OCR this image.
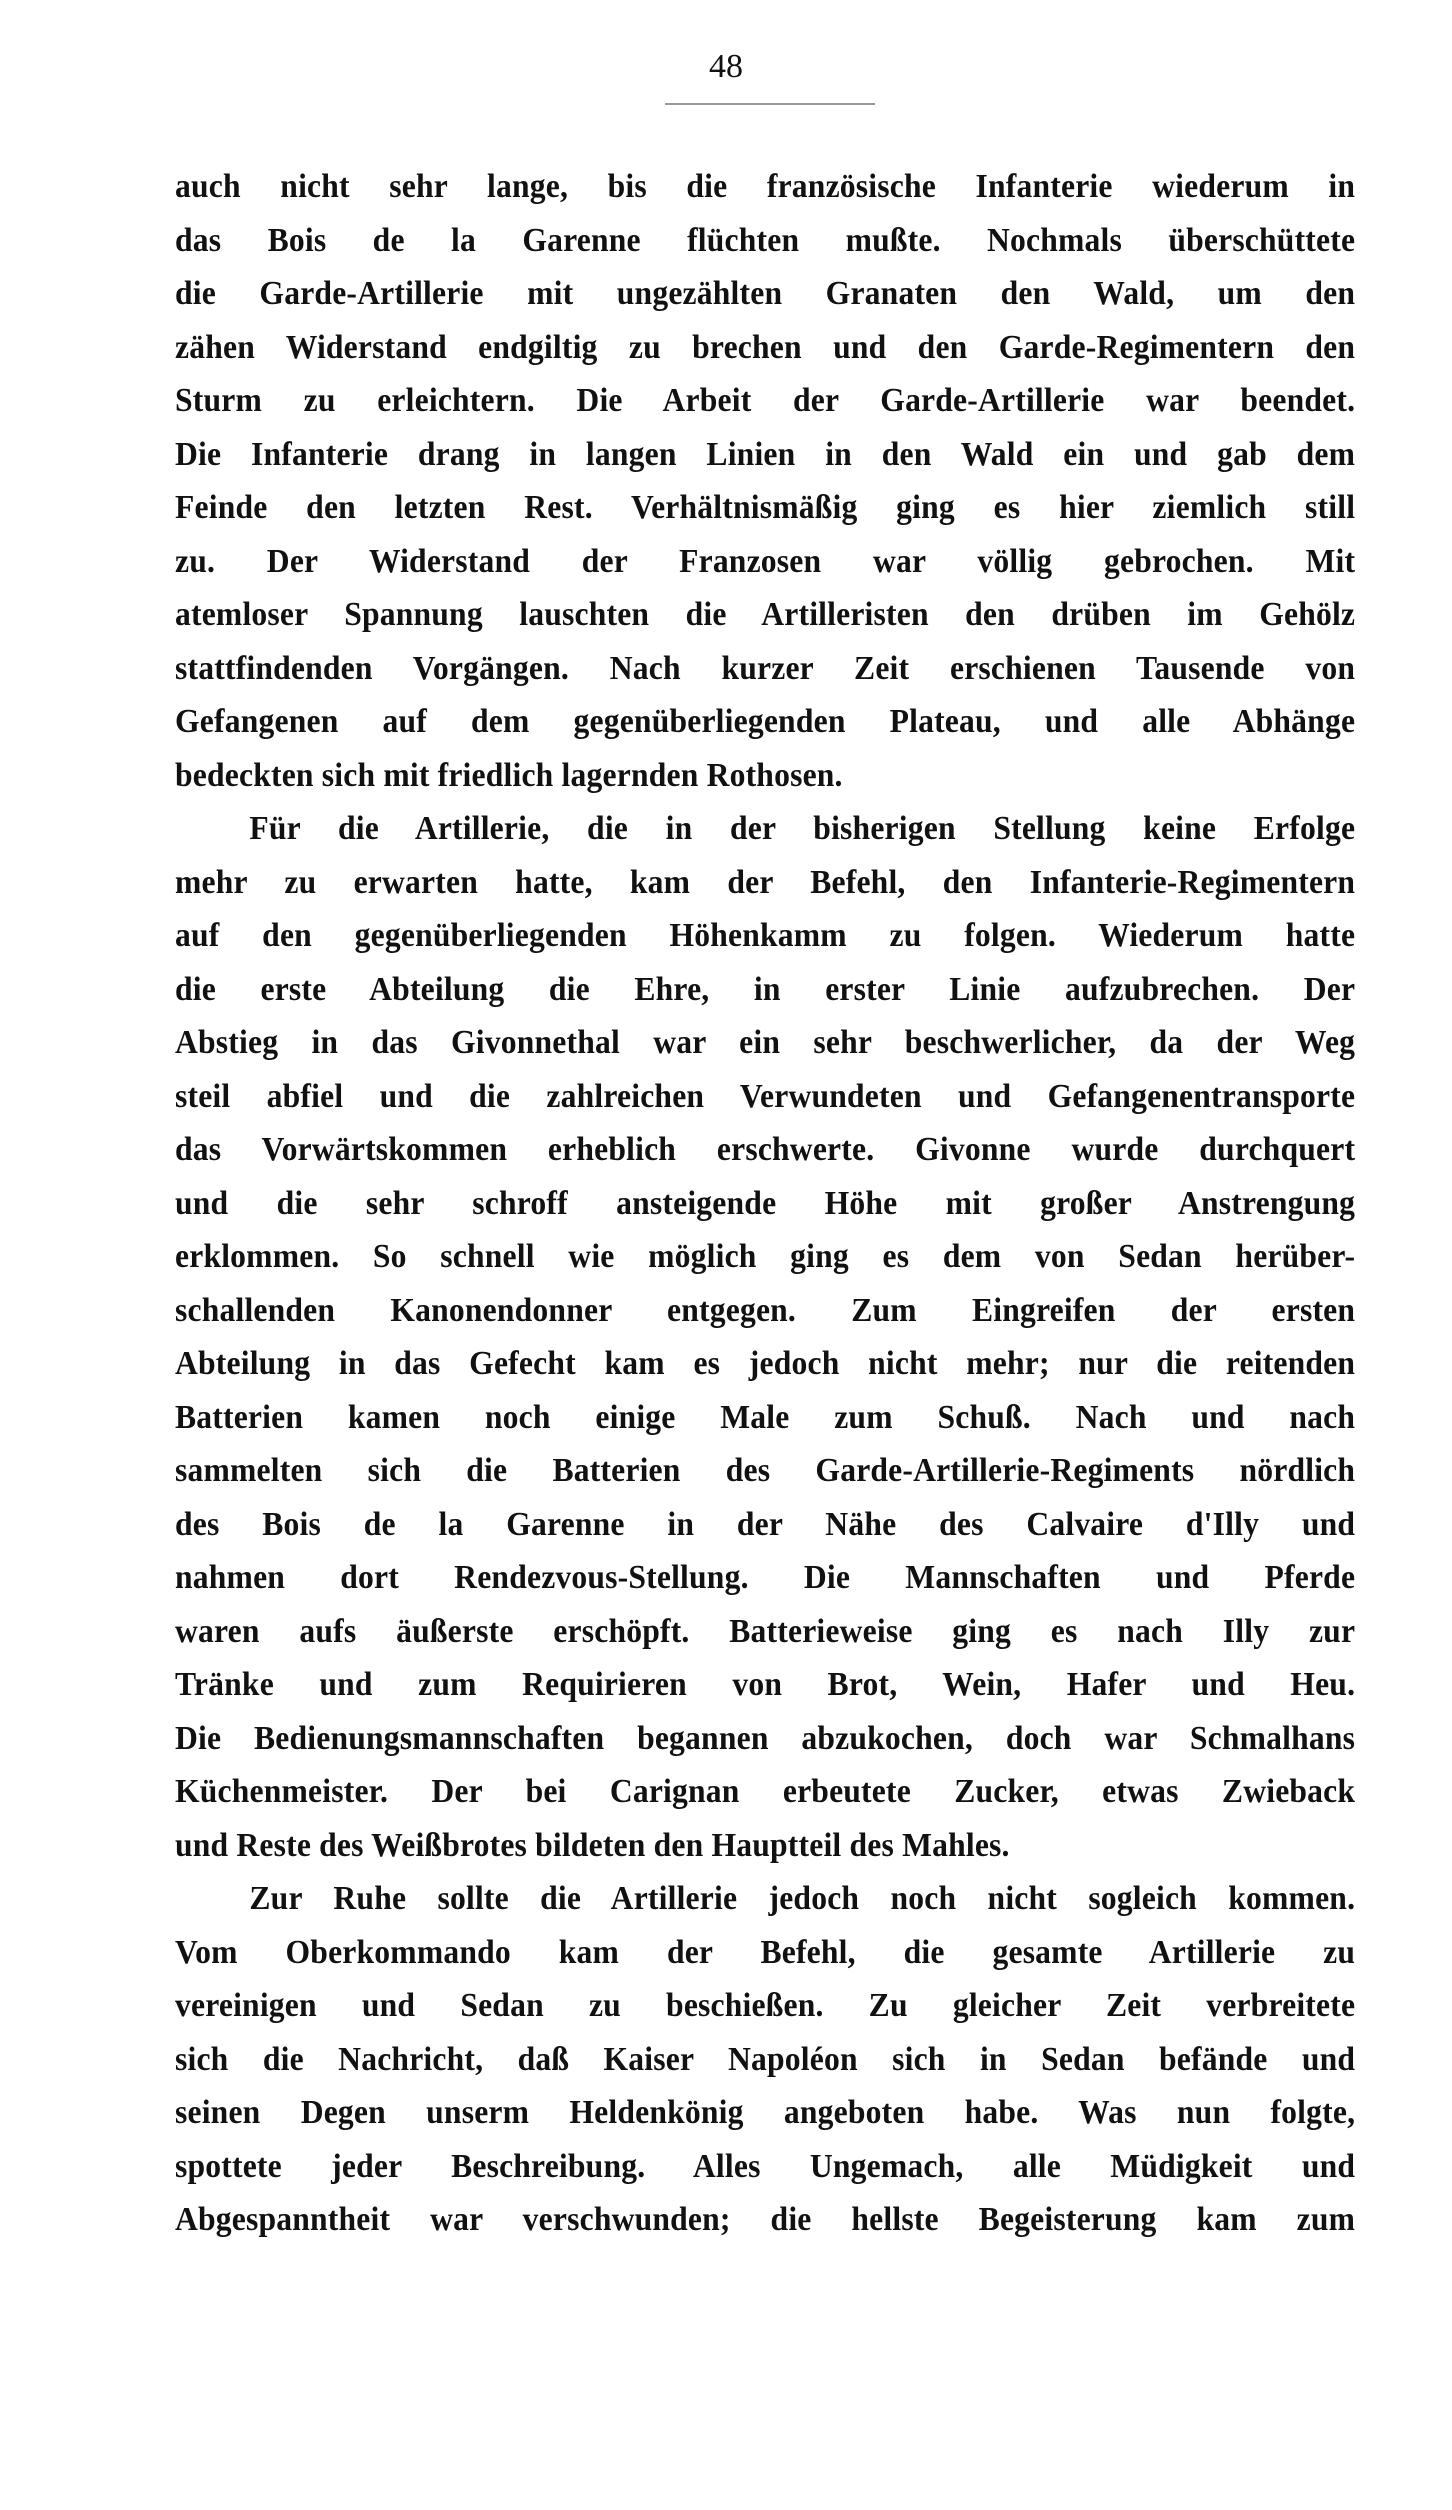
48
auch nicht sehr lange, bis die französische Infanterie wiederum in
das Bois de la Garenne flüchten mußte. Nochmals überschüttete
die Garde-Artillerie mit ungezählten Granaten den Wald, um den
zähen Widerstand endgiltig zu brechen und den Garde-Regimentern den
Sturm zu erleichtern. Die Arbeit der Garde-Artillerie war beendet.
Die Infanterie drang in langen Linien in den Wald ein und gab dem
Feinde den letzten Rest. Verhältnismäßig ging es hier ziemlich still
zu. Der Widerstand der Franzosen war völlig gebrochen. Mit
atemloser Spannung lauschten die Artilleristen den drüben im Gehölz
stattfindenden Vorgängen. Nach kurzer Zeit erschienen Tausende von
Gefangenen auf dem gegenüberliegenden Plateau, und alle Abhänge
bedeckten sich mit friedlich lagernden Rothosen.
Für die Artillerie, die in der bisherigen Stellung keine Erfolge
mehr zu erwarten hatte, kam der Befehl, den Infanterie-Regimentern
auf den gegenüberliegenden Höhenkamm zu folgen. Wiederum hatte
die erste Abteilung die Ehre, in erster Linie aufzubrechen. Der
Abstieg in das Givonnethal war ein sehr beschwerlicher, da der Weg
steil abfiel und die zahlreichen Verwundeten und Gefangenentransporte
das Vorwärtskommen erheblich erschwerte. Givonne wurde durchquert
und die sehr schroff ansteigende Höhe mit großer Anstrengung
erklommen. So schnell wie möglich ging es dem von Sedan herüber-
schallenden Kanonendonner entgegen. Zum Eingreifen der ersten
Abteilung in das Gefecht kam es jedoch nicht mehr; nur die reitenden
Batterien kamen noch einige Male zum Schuß. Nach und nach
sammelten sich die Batterien des Garde-Artillerie-Regiments nördlich
des Bois de la Garenne in der Nähe des Calvaire d'Illy und
nahmen dort Rendezvous-Stellung. Die Mannschaften und Pferde
waren aufs äußerste erschöpft. Batterieweise ging es nach Illy zur
Tränke und zum Requirieren von Brot, Wein, Hafer und Heu.
Die Bedienungsmannschaften begannen abzukochen, doch war Schmalhans
Küchenmeister. Der bei Carignan erbeutete Zucker, etwas Zwieback
und Reste des Weißbrotes bildeten den Hauptteil des Mahles.
Zur Ruhe sollte die Artillerie jedoch noch nicht sogleich kommen.
Vom Oberkommando kam der Befehl, die gesamte Artillerie zu
vereinigen und Sedan zu beschießen. Zu gleicher Zeit verbreitete
sich die Nachricht, daß Kaiser Napoléon sich in Sedan befände und
seinen Degen unserm Heldenkönig angeboten habe. Was nun folgte,
spottete jeder Beschreibung. Alles Ungemach, alle Müdigkeit und
Abgespanntheit war verschwunden; die hellste Begeisterung kam zum
